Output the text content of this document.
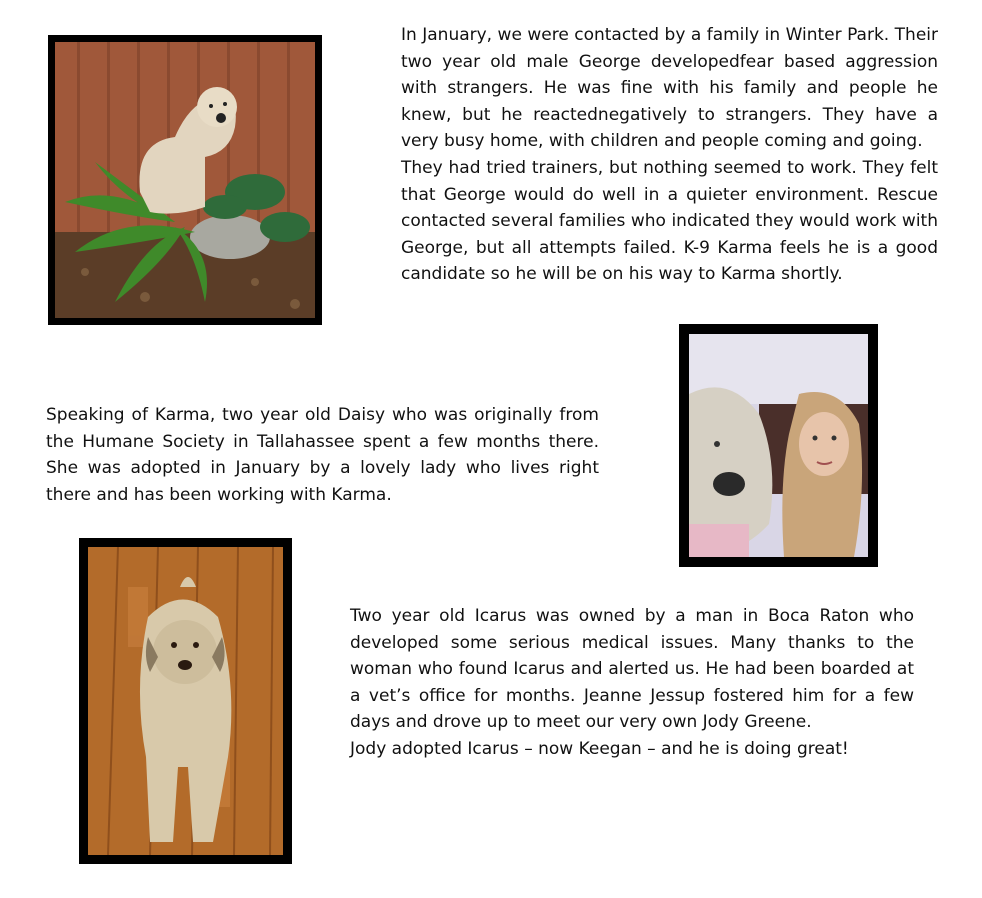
In January, we were contacted by a family in Winter Park. Their two year old male George developedfear based aggression with strangers. He was fine with his family and people he knew, but he reactednegatively to strangers. They have a very busy home, with children and people coming and going.

They had tried trainers, but nothing seemed to work. They felt that George would do well in a quieter environment. Rescue contacted several families who indicated they would work with George, but all attempts failed. K-9 Karma feels he is a good candidate so he will be on his way to Karma shortly.

Speaking of Karma, two year old Daisy who was originally from the Humane Society in Tallahassee spent a few months there. She was adopted in January by a lovely lady who lives right there and has been working with Karma.

Two year old Icarus was owned by a man in Boca Raton who developed some serious medical issues. Many thanks to the woman who found Icarus and alerted us. He had been boarded at a vet’s office for months. Jeanne Jessup fostered him for a few days and drove up to meet our very own Jody Greene.

Jody adopted Icarus – now Keegan – and he is doing great!
